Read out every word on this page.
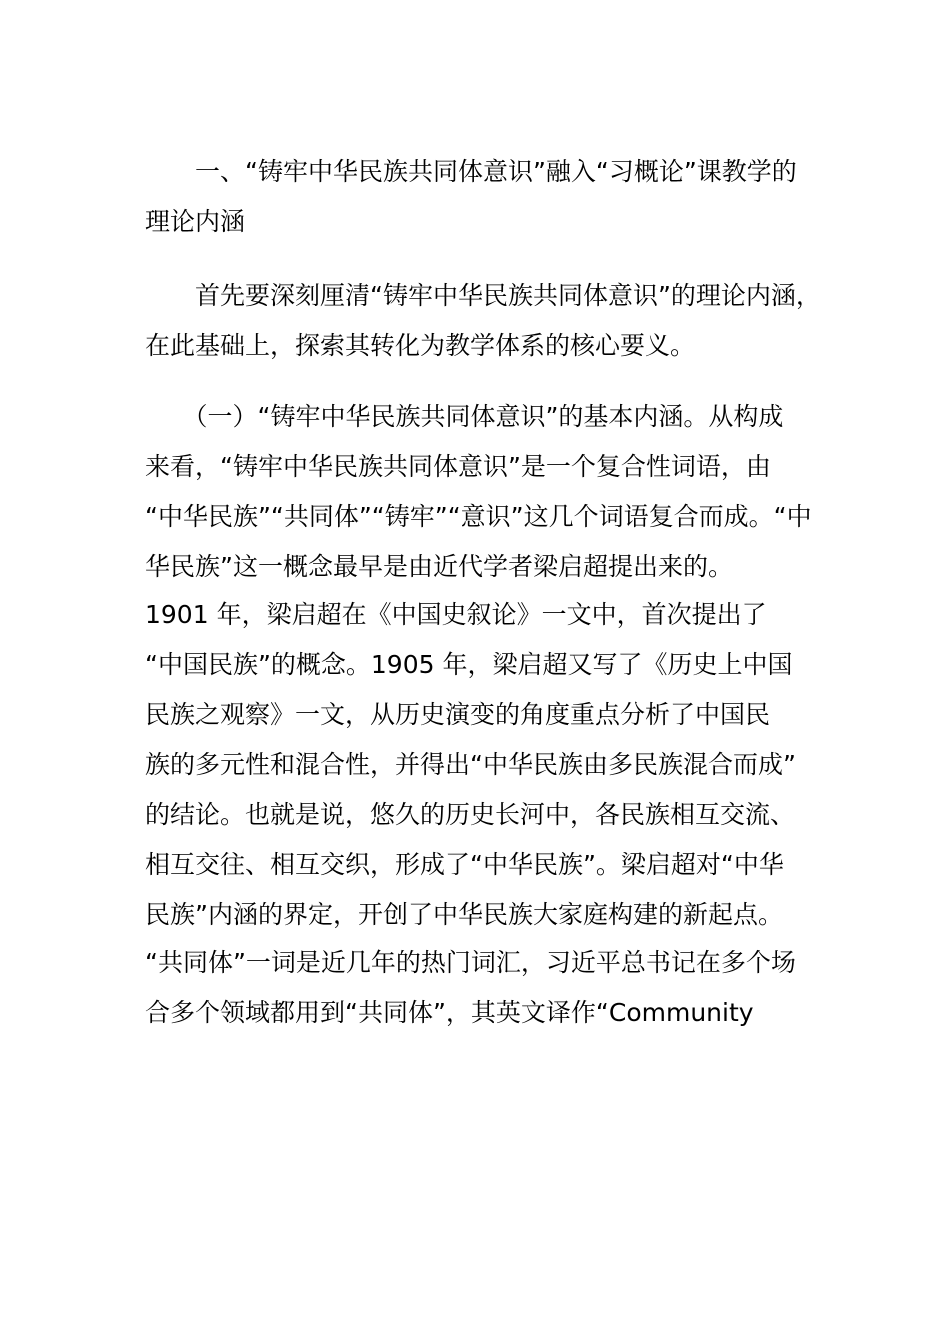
　　一、“铸牢中华民族共同体意识”融入“习概论”课教学的
理论内涵
　　首先要深刻厘清“铸牢中华民族共同体意识”的理论内涵，
在此基础上，探索其转化为教学体系的核心要义。
　　（一）“铸牢中华民族共同体意识”的基本内涵。从构成
来看，“铸牢中华民族共同体意识”是一个复合性词语，由
“中华民族”“共同体”“铸牢”“意识”这几个词语复合而成。“中
华民族”这一概念最早是由近代学者梁启超提出来的。
1901 年，梁启超在《中国史叙论》一文中，首次提出了
“中国民族”的概念。1905 年，梁启超又写了《历史上中国
民族之观察》一文，从历史演变的角度重点分析了中国民
族的多元性和混合性，并得出“中华民族由多民族混合而成”
的结论。也就是说，悠久的历史长河中，各民族相互交流、
相互交往、相互交织，形成了“中华民族”。梁启超对“中华
民族”内涵的界定，开创了中华民族大家庭构建的新起点。
“共同体”一词是近几年的热门词汇，习近平总书记在多个场
合多个领域都用到“共同体”，其英文译作“Community
